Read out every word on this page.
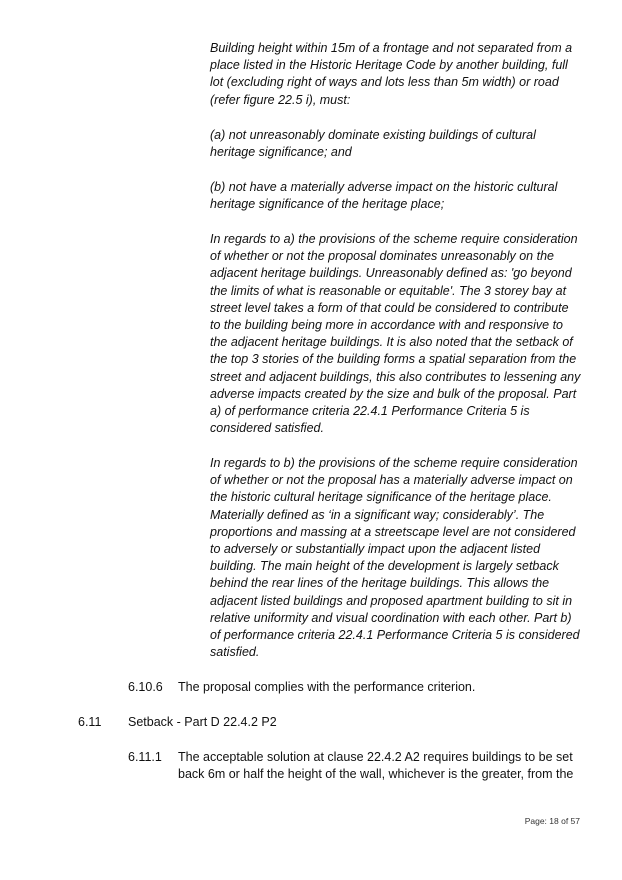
Building height within 15m of a frontage and not separated from a place listed in the Historic Heritage Code by another building, full lot (excluding right of ways and lots less than 5m width) or road (refer figure 22.5 i), must:

(a) not unreasonably dominate existing buildings of cultural heritage significance; and

(b) not have a materially adverse impact on the historic cultural heritage significance of the heritage place;

In regards to a) the provisions of the scheme require consideration of whether or not the proposal dominates unreasonably on the adjacent heritage buildings. Unreasonably defined as: 'go beyond the limits of what is reasonable or equitable'. The 3 storey bay at street level takes a form of that could be considered to contribute to the building being more in accordance with and responsive to the adjacent heritage buildings. It is also noted that the setback of the top 3 stories of the building forms a spatial separation from the street and adjacent buildings, this also contributes to lessening any adverse impacts created by the size and bulk of the proposal. Part a) of performance criteria 22.4.1 Performance Criteria 5 is considered satisfied.

In regards to b) the provisions of the scheme require consideration of whether or not the proposal has a materially adverse impact on the historic cultural heritage significance of the heritage place. Materially defined as ‘in a significant way; considerably’. The proportions and massing at a streetscape level are not considered to adversely or substantially impact upon the adjacent listed building. The main height of the development is largely setback behind the rear lines of the heritage buildings. This allows the adjacent listed buildings and proposed apartment building to sit in relative uniformity and visual coordination with each other. Part b) of performance criteria 22.4.1 Performance Criteria 5 is considered satisfied.

6.10.6 The proposal complies with the performance criterion.
6.11 Setback - Part D 22.4.2 P2
6.11.1 The acceptable solution at clause 22.4.2 A2 requires buildings to be set back 6m or half the height of the wall, whichever is the greater, from the
Page: 18 of 57
